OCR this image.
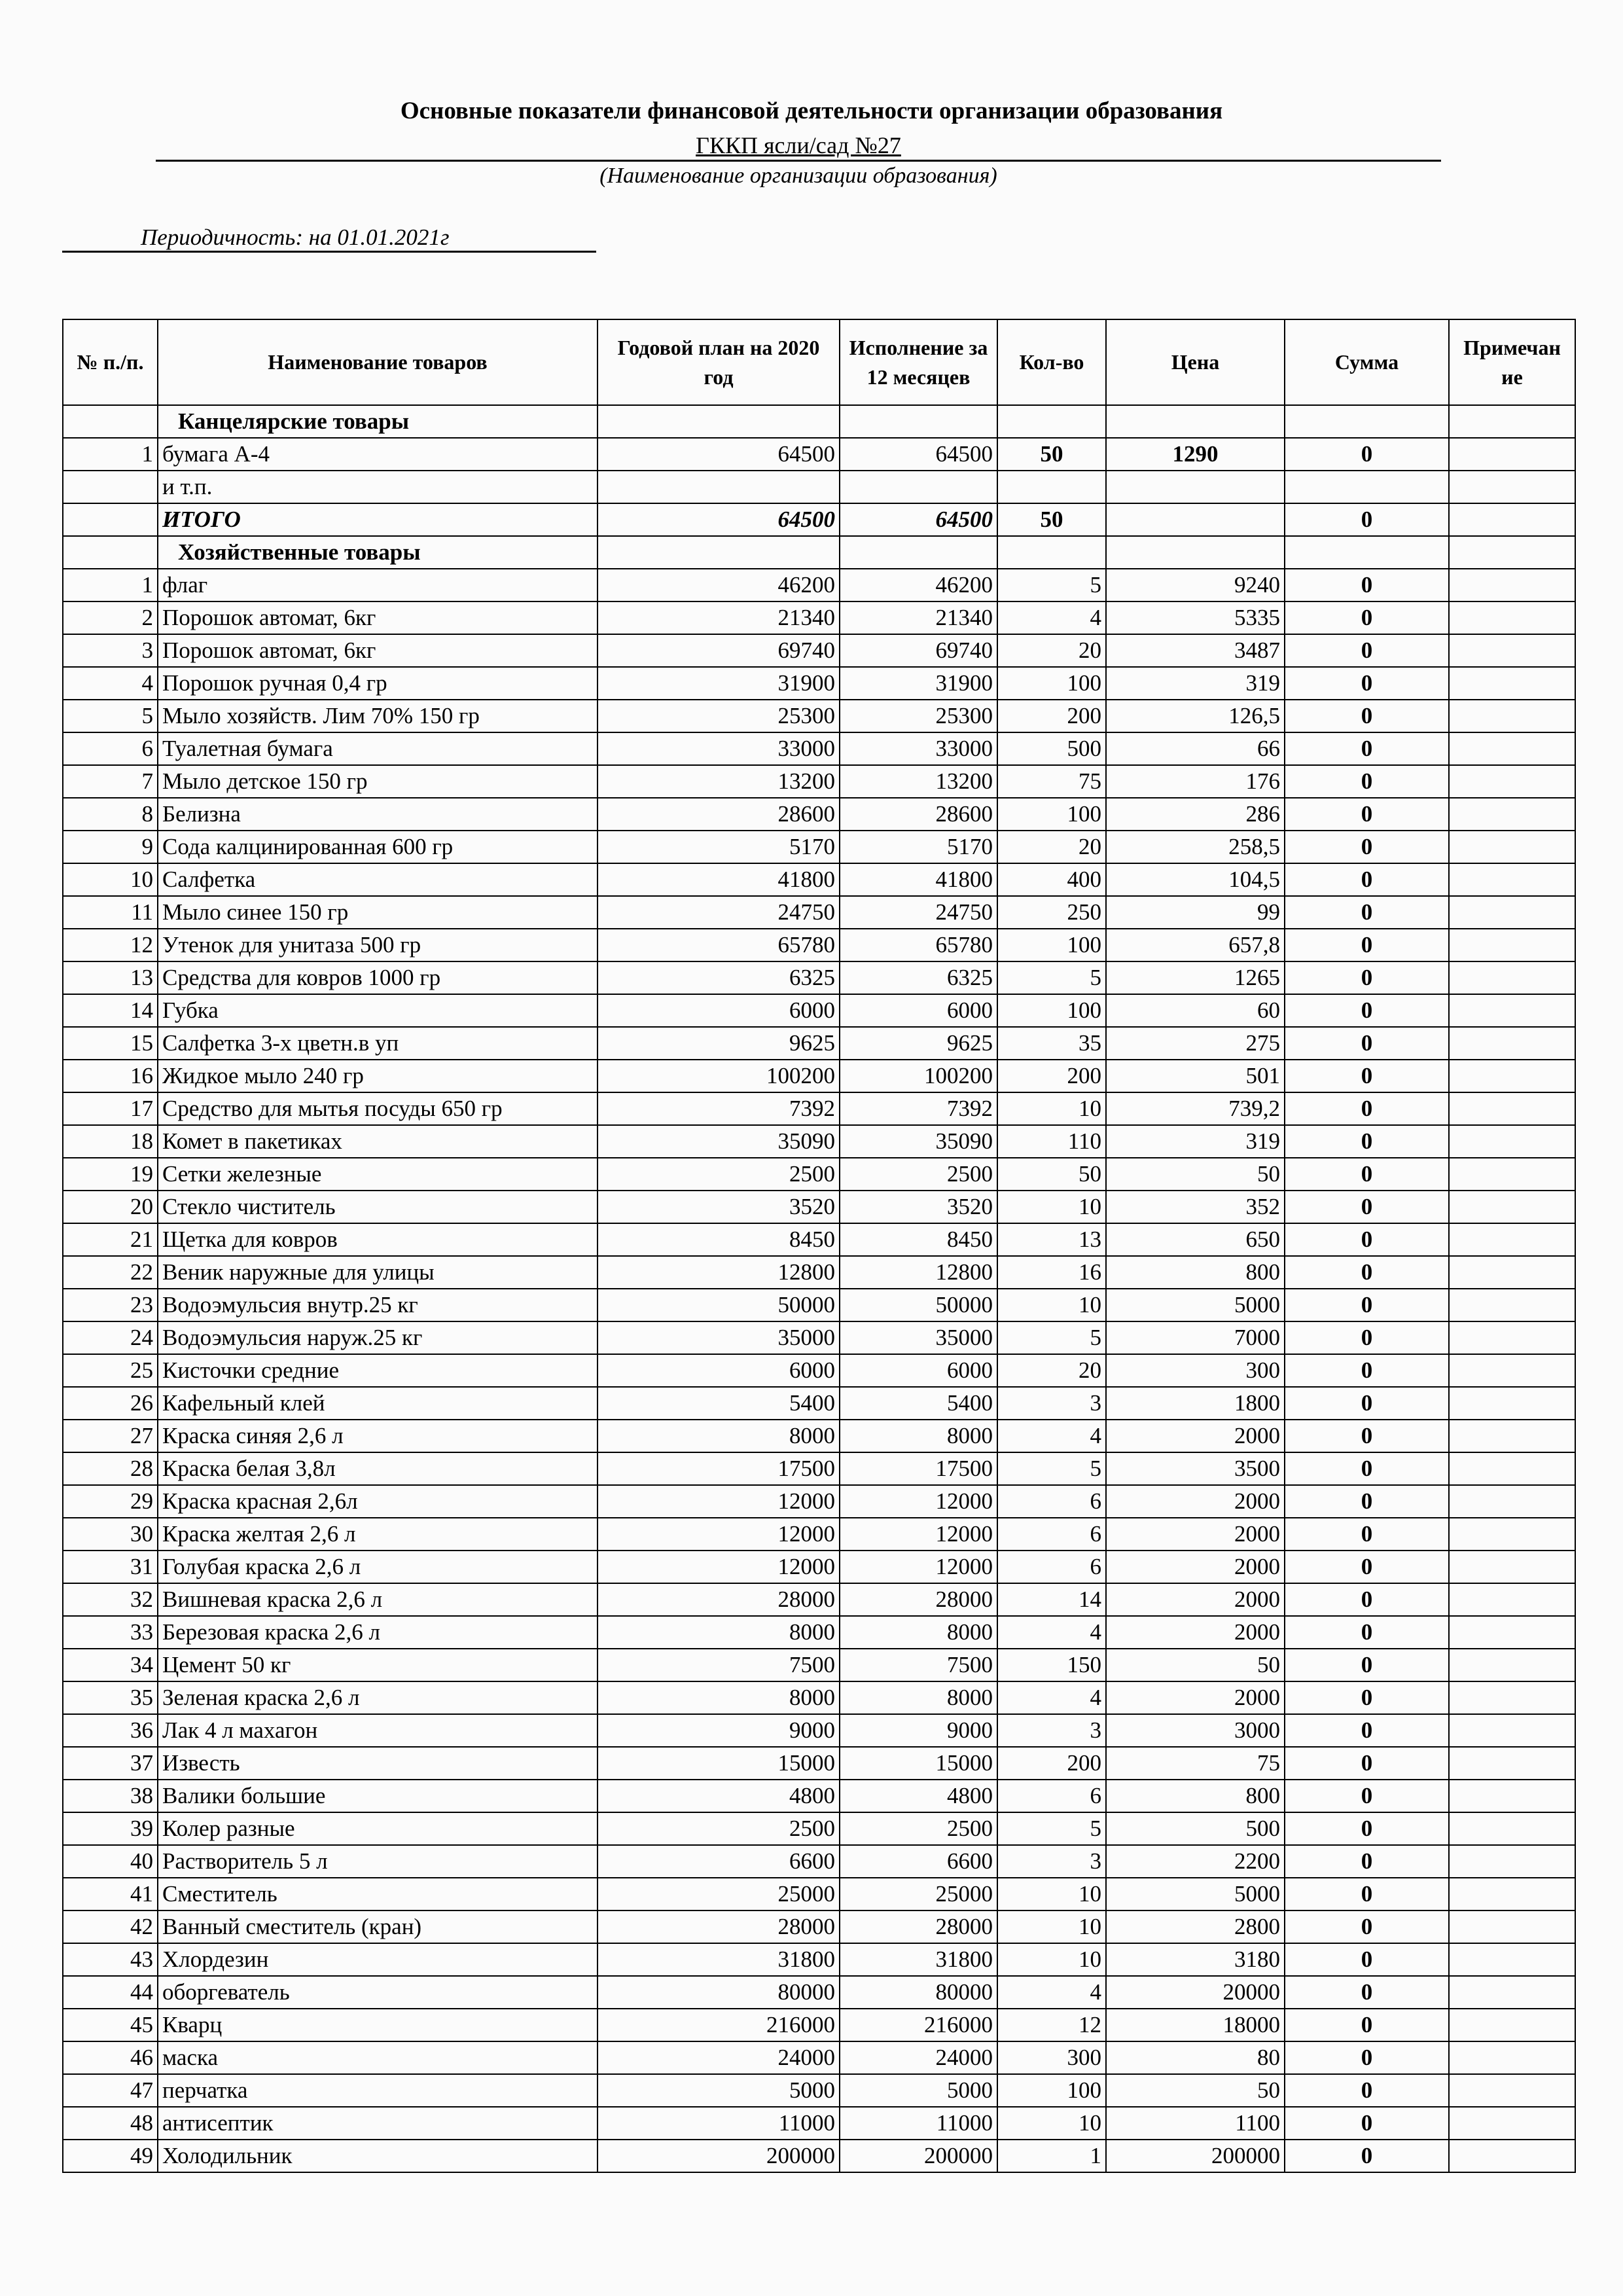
Основные показатели финансовой деятельности организации образования
ГККП ясли/сад №27
(Наименование организации образования)
Периодичность: на 01.01.2021г
№ п./п.	Наименование товаров	Годовой план на 2020 год	Исполнение за 12 месяцев	Кол-во	Цена	Сумма	Примечан ие
	Канцелярские товары						
1	бумага А-4	64500	64500	50	1290	0	
	и т.п.						
	ИТОГО	64500	64500	50		0	
	Хозяйственные товары						
1	флаг	46200	46200	5	9240	0	
2	Порошок автомат, 6кг	21340	21340	4	5335	0	
3	Порошок автомат, 6кг	69740	69740	20	3487	0	
4	Порошок ручная 0,4 гр	31900	31900	100	319	0	
5	Мыло хозяйств. Лим 70% 150 гр	25300	25300	200	126,5	0	
6	Туалетная бумага	33000	33000	500	66	0	
7	Мыло детское 150 гр	13200	13200	75	176	0	
8	Белизна	28600	28600	100	286	0	
9	Сода калцинированная 600 гр	5170	5170	20	258,5	0	
10	Салфетка	41800	41800	400	104,5	0	
11	Мыло синее 150 гр	24750	24750	250	99	0	
12	Утенок для унитаза 500 гр	65780	65780	100	657,8	0	
13	Средства для ковров 1000 гр	6325	6325	5	1265	0	
14	Губка	6000	6000	100	60	0	
15	Салфетка 3-х цветн.в уп	9625	9625	35	275	0	
16	Жидкое мыло 240 гр	100200	100200	200	501	0	
17	Средство для мытья посуды 650 гр	7392	7392	10	739,2	0	
18	Комет в пакетиках	35090	35090	110	319	0	
19	Сетки железные	2500	2500	50	50	0	
20	Стекло чиститель	3520	3520	10	352	0	
21	Щетка для ковров	8450	8450	13	650	0	
22	Веник наружные для улицы	12800	12800	16	800	0	
23	Водоэмульсия внутр.25 кг	50000	50000	10	5000	0	
24	Водоэмульсия наруж.25 кг	35000	35000	5	7000	0	
25	Кисточки средние	6000	6000	20	300	0	
26	Кафельный клей	5400	5400	3	1800	0	
27	Краска синяя 2,6 л	8000	8000	4	2000	0	
28	Краска белая 3,8л	17500	17500	5	3500	0	
29	Краска красная 2,6л	12000	12000	6	2000	0	
30	Краска желтая 2,6 л	12000	12000	6	2000	0	
31	Голубая краска 2,6 л	12000	12000	6	2000	0	
32	Вишневая краска 2,6 л	28000	28000	14	2000	0	
33	Березовая краска 2,6 л	8000	8000	4	2000	0	
34	Цемент 50 кг	7500	7500	150	50	0	
35	Зеленая краска 2,6 л	8000	8000	4	2000	0	
36	Лак 4 л махагон	9000	9000	3	3000	0	
37	Известь	15000	15000	200	75	0	
38	Валики большие	4800	4800	6	800	0	
39	Колер разные	2500	2500	5	500	0	
40	Растворитель 5 л	6600	6600	3	2200	0	
41	Сместитель	25000	25000	10	5000	0	
42	Ванный сместитель (кран)	28000	28000	10	2800	0	
43	Хлордезин	31800	31800	10	3180	0	
44	оборгеватель	80000	80000	4	20000	0	
45	Кварц	216000	216000	12	18000	0	
46	маска	24000	24000	300	80	0	
47	перчатка	5000	5000	100	50	0	
48	антисептик	11000	11000	10	1100	0	
49	Холодильник	200000	200000	1	200000	0	
